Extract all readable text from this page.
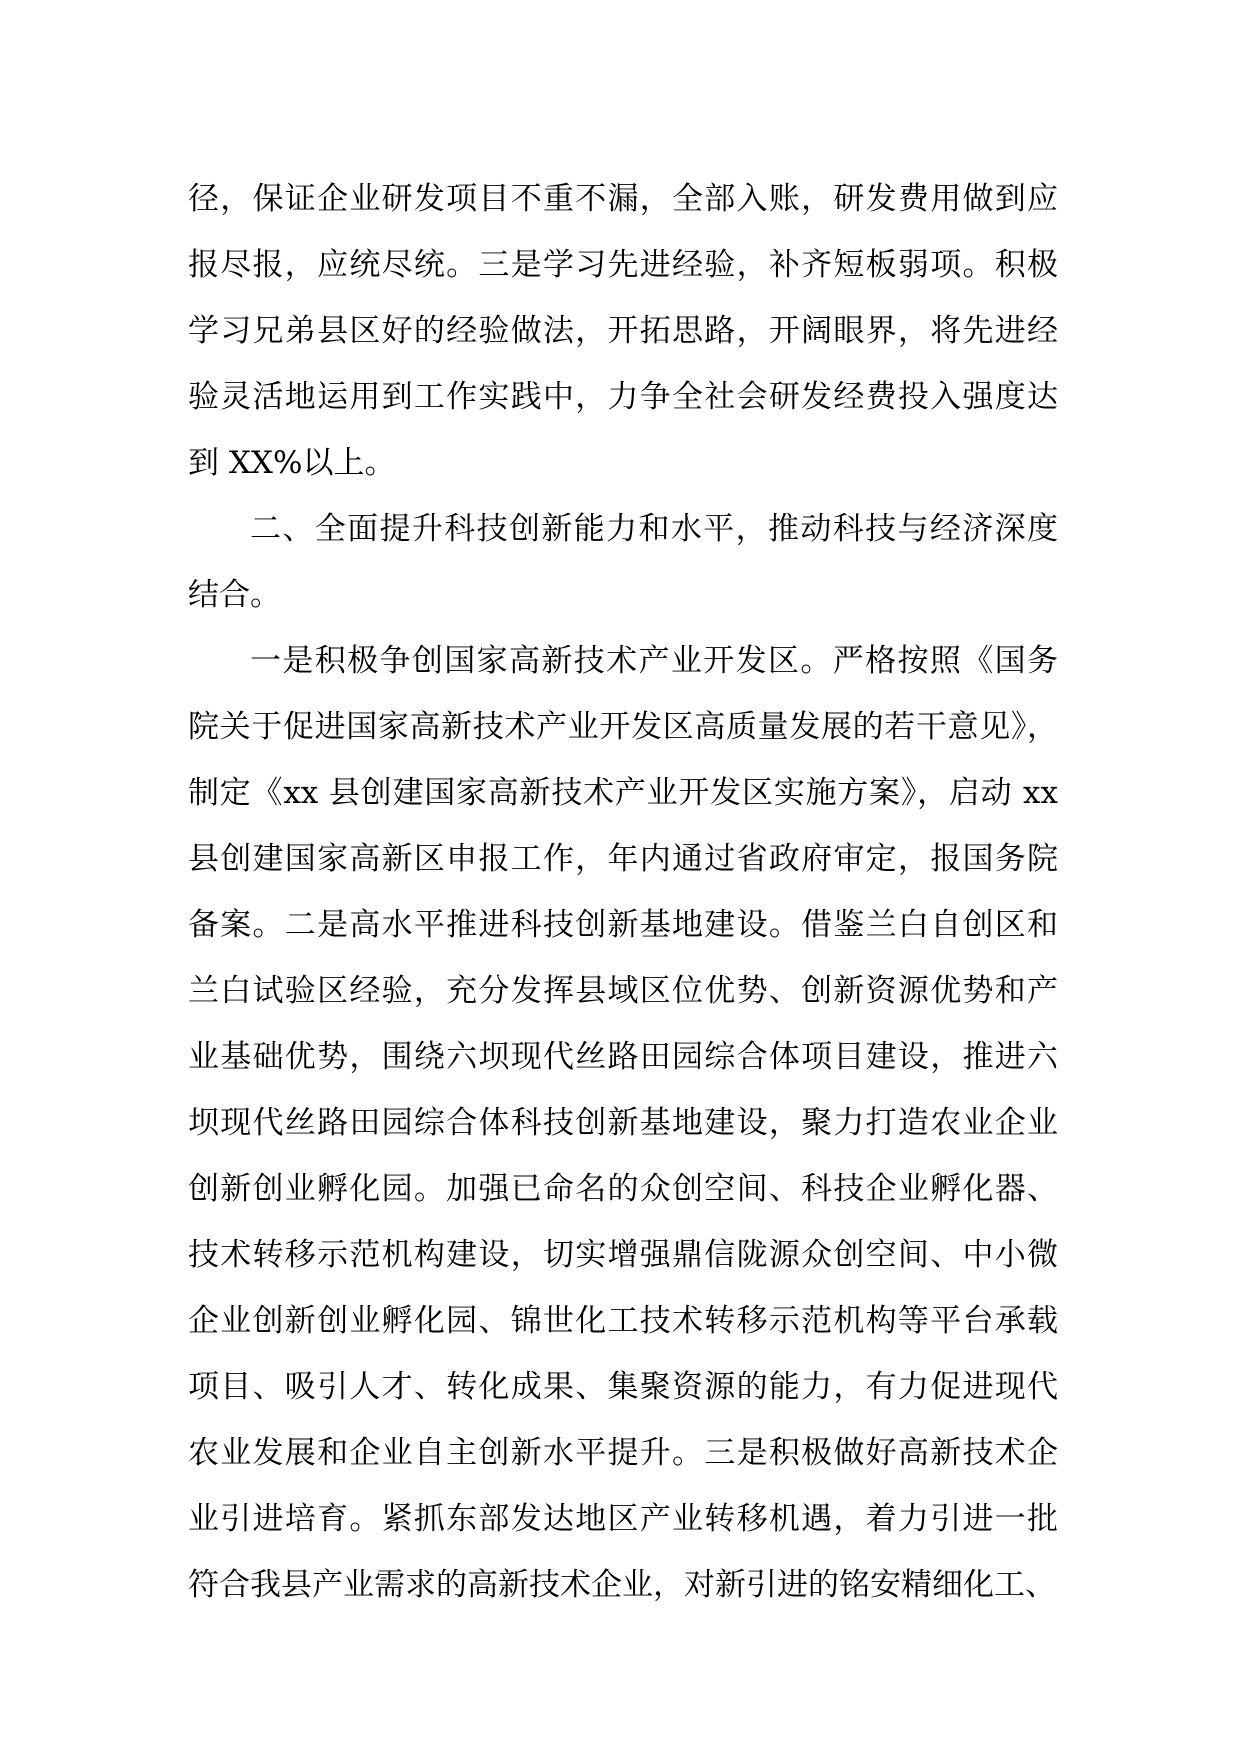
径，保证企业研发项目不重不漏，全部入账，研发费用做到应
报尽报，应统尽统。三是学习先进经验，补齐短板弱项。积极
学习兄弟县区好的经验做法，开拓思路，开阔眼界，将先进经
验灵活地运用到工作实践中，力争全社会研发经费投入强度达
到 XX%以上。
二、全面提升科技创新能力和水平，推动科技与经济深度
结合。
一是积极争创国家高新技术产业开发区。严格按照《国务
院关于促进国家高新技术产业开发区高质量发展的若干意见》，
制定《xx 县创建国家高新技术产业开发区实施方案》，启动 xx
县创建国家高新区申报工作，年内通过省政府审定，报国务院
备案。二是高水平推进科技创新基地建设。借鉴兰白自创区和
兰白试验区经验，充分发挥县域区位优势、创新资源优势和产
业基础优势，围绕六坝现代丝路田园综合体项目建设，推进六
坝现代丝路田园综合体科技创新基地建设，聚力打造农业企业
创新创业孵化园。加强已命名的众创空间、科技企业孵化器、
技术转移示范机构建设，切实增强鼎信陇源众创空间、中小微
企业创新创业孵化园、锦世化工技术转移示范机构等平台承载
项目、吸引人才、转化成果、集聚资源的能力，有力促进现代
农业发展和企业自主创新水平提升。三是积极做好高新技术企
业引进培育。紧抓东部发达地区产业转移机遇，着力引进一批
符合我县产业需求的高新技术企业，对新引进的铭安精细化工、
